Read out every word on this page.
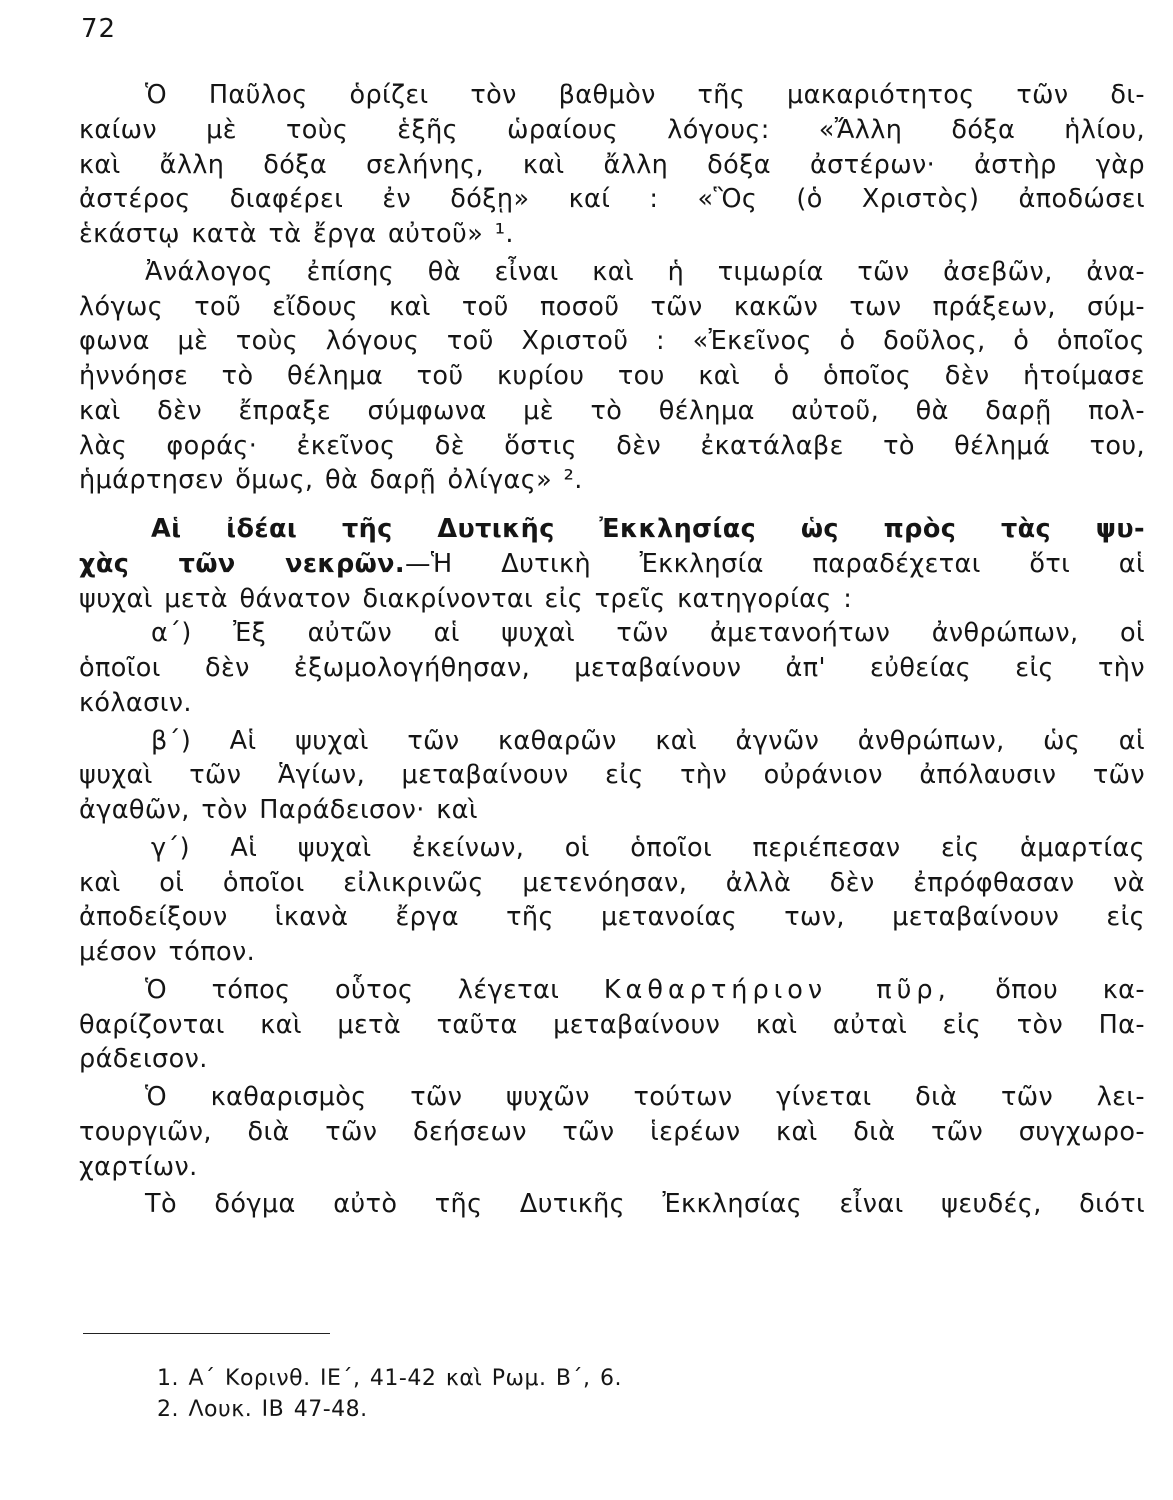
72
Ὁ Παῦλος ὁρίζει τὸν βαθμὸν τῆς μακαριότητος τῶν δι-
καίων μὲ τοὺς ἑξῆς ὡραίους λόγους: «Ἄλλη δόξα ἡλίου,
καὶ ἄλλη δόξα σελήνης, καὶ ἄλλη δόξα ἀστέρων· ἀστὴρ γὰρ
ἀστέρος διαφέρει ἐν δόξῃ» καί : «Ὃς (ὁ Χριστὸς) ἀποδώσει
ἑκάστῳ κατὰ τὰ ἔργα αὐτοῦ» ¹.
Ἀνάλογος ἐπίσης θὰ εἶναι καὶ ἡ τιμωρία τῶν ἀσεβῶν, ἀνα-
λόγως τοῦ εἴδους καὶ τοῦ ποσοῦ τῶν κακῶν των πράξεων, σύμ-
φωνα μὲ τοὺς λόγους τοῦ Χριστοῦ : «Ἐκεῖνος ὁ δοῦλος, ὁ ὁποῖος
ἠννόησε τὸ θέλημα τοῦ κυρίου του καὶ ὁ ὁποῖος δὲν ἡτοίμασε
καὶ δὲν ἔπραξε σύμφωνα μὲ τὸ θέλημα αὐτοῦ, θὰ δαρῇ πολ-
λὰς φοράς· ἐκεῖνος δὲ ὅστις δὲν ἐκατάλαβε τὸ θέλημά του,
ἡμάρτησεν ὅμως, θὰ δαρῇ ὀλίγας» ².
Αἱ ἰδέαι τῆς Δυτικῆς Ἐκκλησίας ὡς πρὸς τὰς ψυ-
χὰς τῶν νεκρῶν.—Ἡ Δυτικὴ Ἐκκλησία παραδέχεται ὅτι αἱ
ψυχαὶ μετὰ θάνατον διακρίνονται εἰς τρεῖς κατηγορίας :
α΄) Ἐξ αὐτῶν αἱ ψυχαὶ τῶν ἀμετανοήτων ἀνθρώπων, οἱ
ὁποῖοι δὲν ἐξωμολογήθησαν, μεταβαίνουν ἀπ' εὐθείας εἰς τὴν
κόλασιν.
β΄) Αἱ ψυχαὶ τῶν καθαρῶν καὶ ἀγνῶν ἀνθρώπων, ὡς αἱ
ψυχαὶ τῶν Ἁγίων, μεταβαίνουν εἰς τὴν οὐράνιον ἀπόλαυσιν τῶν
ἀγαθῶν, τὸν Παράδεισον· καὶ
γ΄) Αἱ ψυχαὶ ἐκείνων, οἱ ὁποῖοι περιέπεσαν εἰς ἁμαρτίας
καὶ οἱ ὁποῖοι εἰλικρινῶς μετενόησαν, ἀλλὰ δὲν ἐπρόφθασαν νὰ
ἀποδείξουν ἱκανὰ ἔργα τῆς μετανοίας των, μεταβαίνουν εἰς
μέσον τόπον.
Ὁ τόπος οὗτος λέγεται Καθαρτήριον πῦρ, ὅπου κα-
θαρίζονται καὶ μετὰ ταῦτα μεταβαίνουν καὶ αὐταὶ εἰς τὸν Πα-
ράδεισον.
Ὁ καθαρισμὸς τῶν ψυχῶν τούτων γίνεται διὰ τῶν λει-
τουργιῶν, διὰ τῶν δεήσεων τῶν ἱερέων καὶ διὰ τῶν συγχωρο-
χαρτίων.
Τὸ δόγμα αὐτὸ τῆς Δυτικῆς Ἐκκλησίας εἶναι ψευδές, διότι
1. Α΄ Κορινθ. ΙΕ΄, 41-42 καὶ Ρωμ. Β΄, 6.
2. Λουκ. ΙΒ 47-48.
